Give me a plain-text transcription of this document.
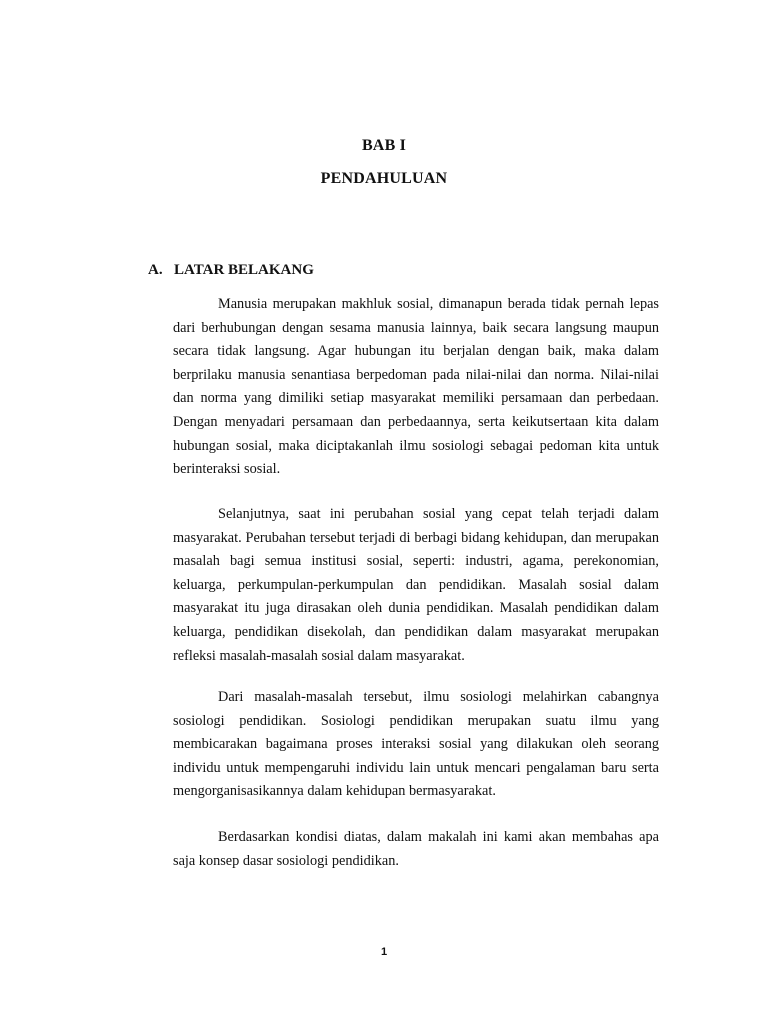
BAB I
PENDAHULUAN
A. LATAR BELAKANG

Manusia merupakan makhluk sosial, dimanapun berada tidak pernah lepas dari berhubungan dengan sesama manusia lainnya, baik secara langsung maupun secara tidak langsung. Agar hubungan itu berjalan dengan baik, maka dalam berprilaku manusia senantiasa berpedoman pada nilai-nilai dan norma. Nilai-nilai dan norma yang dimiliki setiap masyarakat memiliki persamaan dan perbedaan. Dengan menyadari persamaan dan perbedaannya, serta keikutsertaan kita dalam hubungan sosial, maka diciptakanlah ilmu sosiologi sebagai pedoman kita untuk berinteraksi sosial.

Selanjutnya, saat ini perubahan sosial yang cepat telah terjadi dalam masyarakat. Perubahan tersebut terjadi di berbagi bidang kehidupan, dan merupakan masalah bagi semua institusi sosial, seperti: industri, agama, perekonomian, keluarga, perkumpulan-perkumpulan dan pendidikan. Masalah sosial dalam masyarakat itu juga dirasakan oleh dunia pendidikan. Masalah pendidikan dalam keluarga, pendidikan disekolah, dan pendidikan dalam masyarakat merupakan refleksi masalah-masalah sosial dalam masyarakat.

Dari masalah-masalah tersebut, ilmu sosiologi melahirkan cabangnya sosiologi pendidikan. Sosiologi pendidikan merupakan suatu ilmu yang membicarakan bagaimana proses interaksi sosial yang dilakukan oleh seorang individu untuk mempengaruhi individu lain untuk mencari pengalaman baru serta mengorganisasikannya dalam kehidupan bermasyarakat.

Berdasarkan kondisi diatas, dalam makalah ini kami akan membahas apa saja konsep dasar sosiologi pendidikan.

1
